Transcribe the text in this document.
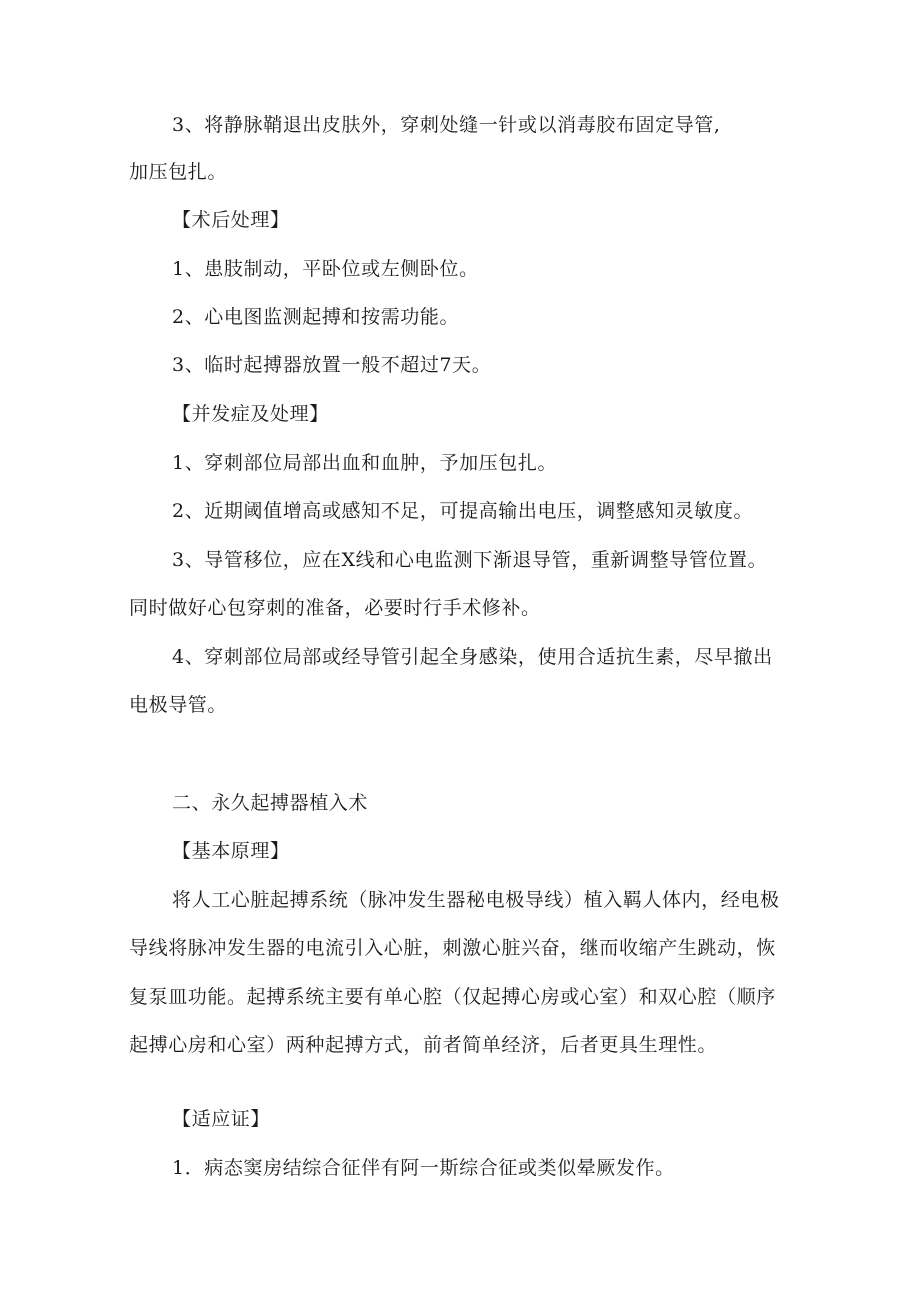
3、将静脉鞘退出皮肤外，穿刺处缝一针或以消毒胶布固定导管,
加压包扎。
【术后处理】
1、患肢制动，平卧位或左侧卧位。
2、心电图监测起搏和按需功能。
3、临时起搏器放置一般不超过7天。
【并发症及处理】
1、穿刺部位局部出血和血肿，予加压包扎。
2、近期阈值增高或感知不足，可提高输出电压，调整感知灵敏度。
3、导管移位，应在X线和心电监测下渐退导管，重新调整导管位置。
同时做好心包穿刺的准备，必要时行手术修补。
4、穿刺部位局部或经导管引起全身感染，使用合适抗生素，尽早撤出
电极导管。
二、永久起搏器植入术
【基本原理】
将人工心脏起搏系统（脉冲发生器秘电极导线）植入羁人体内，经电极
导线将脉冲发生器的电流引入心脏，刺激心脏兴奋，继而收缩产生跳动，恢
复泵皿功能。起搏系统主要有单心腔（仅起搏心房或心室）和双心腔（顺序
起搏心房和心室）两种起搏方式，前者简单经济，后者更具生理性。
【适应证】
1．病态窦房结综合征伴有阿一斯综合征或类似晕厥发作。
